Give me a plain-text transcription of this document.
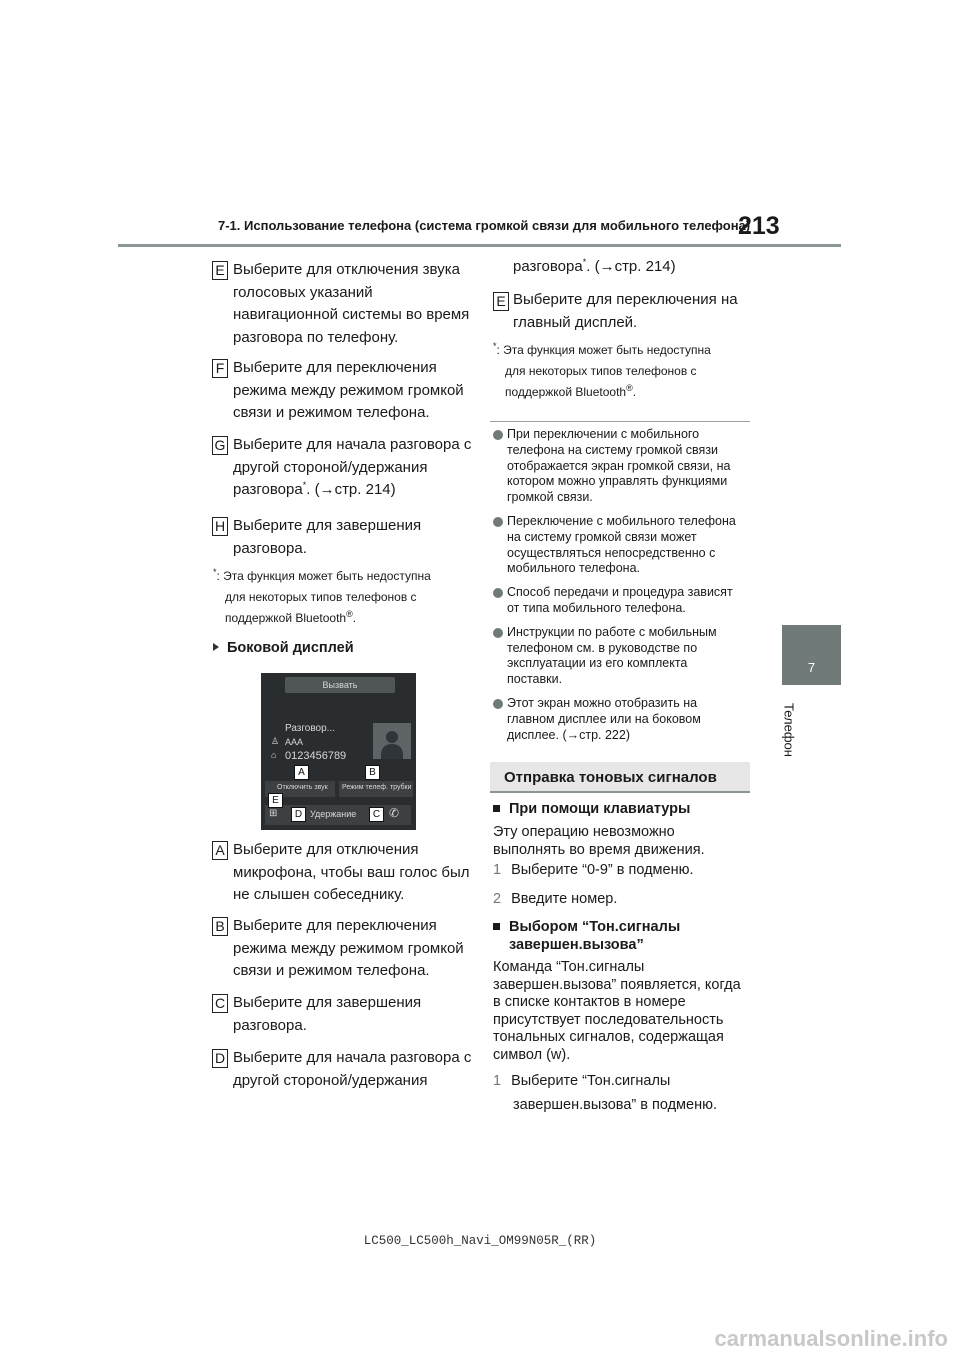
7-1. Использование телефона (система громкой связи для мобильного телефона)
213
7
Телефон
E Выберите для отключения звука

голосовых указаний

навигационной системы во время

разговора по телефону.

F Выберите для переключения

режима между режимом громкой

связи и режимом телефона.

G Выберите для начала разговора с

другой стороной/удержания

разговора*. (→стр. 214)

H Выберите для завершения

разговора.

*: Эта функция может быть недоступна
для некоторых типов телефонов с
поддержкой Bluetooth®.
Боковой дисплей
Вызвать
Разговор...
♙ AAA
⌂ 0123456789
Отключить звук Режим телеф. трубки
⊞	Удержание	✆
A	B
C
D
E
A Выберите для отключения

микрофона, чтобы ваш голос был

не слышен собеседнику.

B Выберите для переключения

режима между режимом громкой

связи и режимом телефона.

C Выберите для завершения

разговора.

D Выберите для начала разговора с

другой стороной/удержания

разговора*. (→стр. 214)

E Выберите для переключения на

главный дисплей.

*: Эта функция может быть недоступна
для некоторых типов телефонов с
поддержкой Bluetooth®.
При переключении с мобильного
телефона на систему громкой связи
отображается экран громкой связи, на
котором можно управлять функциями
громкой связи.
Переключение с мобильного телефона
на систему громкой связи может
осуществляться непосредственно с
мобильного телефона.
Способ передачи и процедура зависят
от типа мобильного телефона.
Инструкции по работе с мобильным
телефоном см. в руководстве по
эксплуатации из его комплекта
поставки.
Этот экран можно отобразить на
главном дисплее или на боковом
дисплее. (→стр. 222)
Отправка тоновых сигналов
При помощи клавиатуры
Эту операцию невозможно
выполнять во время движения.
1 Выберите “0-9” в подменю.
2 Введите номер.
Выбором “Тон.сигналы
завершен.вызова”
Команда “Тон.сигналы
завершен.вызова” появляется, когда
в списке контактов в номере
присутствует последовательность
тональных сигналов, содержащая
символ (w).
1 Выберите “Тон.сигналы
завершен.вызова” в подменю.
LC500_LC500h_Navi_OM99N05R_(RR)
carmanualsonline.info
